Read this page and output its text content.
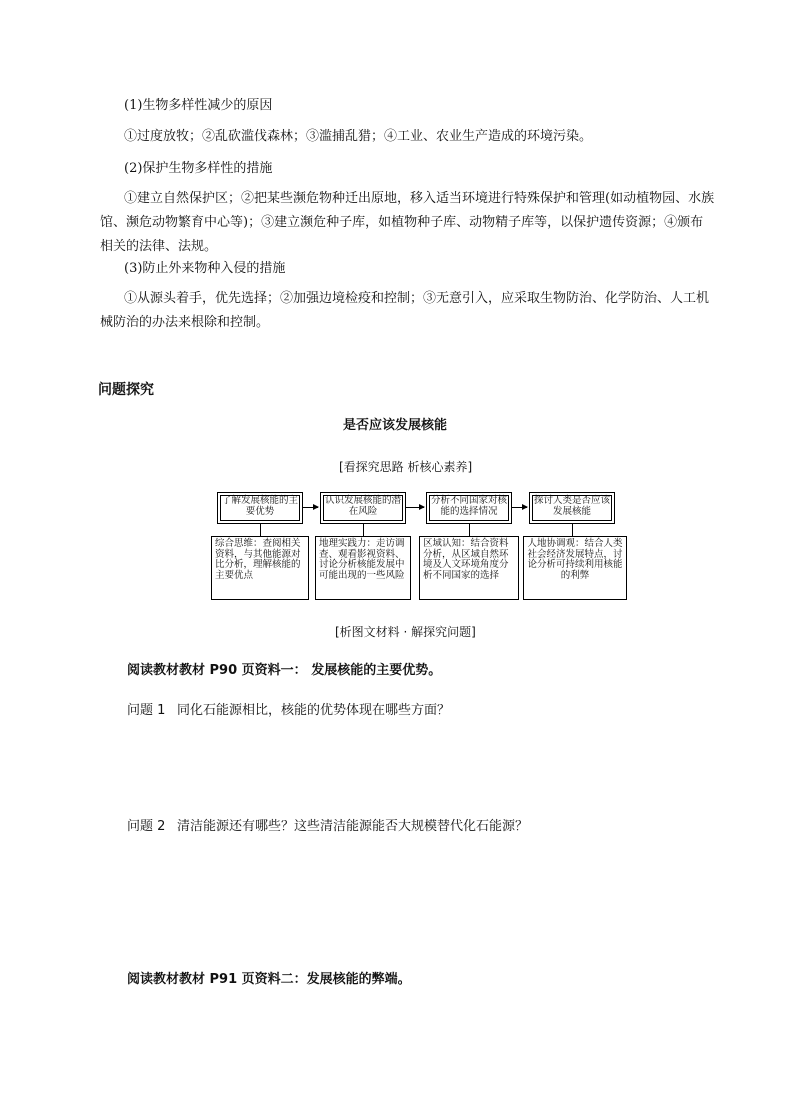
(1)生物多样性减少的原因

①过度放牧；②乱砍滥伐森林；③滥捕乱猎；④工业、农业生产造成的环境污染。

(2)保护生物多样性的措施

①建立自然保护区；②把某些濒危物种迁出原地，移入适当环境进行特殊保护和管理(如动植物园、水族馆、濒危动物繁育中心等)；③建立濒危种子库，如植物种子库、动物精子库等，以保护遗传资源；④颁布相关的法律、法规。

(3)防止外来物种入侵的措施

①从源头着手，优先选择；②加强边境检疫和控制；③无意引入，应采取生物防治、化学防治、人工机械防治的办法来根除和控制。

问题探究
是否应该发展核能
[看探究思路 析核心素养]
了解发展核能的主要优势
认识发展核能的潜在风险
分析不同国家对核能的选择情况
探讨人类是否应该发展核能
综合思维：查阅相关资料，与其他能源对比分析，理解核能的主要优点
地理实践力：走访调查、观看影视资料、讨论分析核能发展中可能出现的一些风险
区域认知：结合资料分析，从区域自然环境及人文环境角度分析不同国家的选择
人地协调观：结合人类社会经济发展特点，讨论分析可持续利用核能的利弊
[析图文材料 · 解探究问题]
阅读教材教材 P90 页资料一： 发展核能的主要优势。
问题 1 同化石能源相比，核能的优势体现在哪些方面？
问题 2 清洁能源还有哪些？这些清洁能源能否大规模替代化石能源？
阅读教材教材 P91 页资料二：发展核能的弊端。
